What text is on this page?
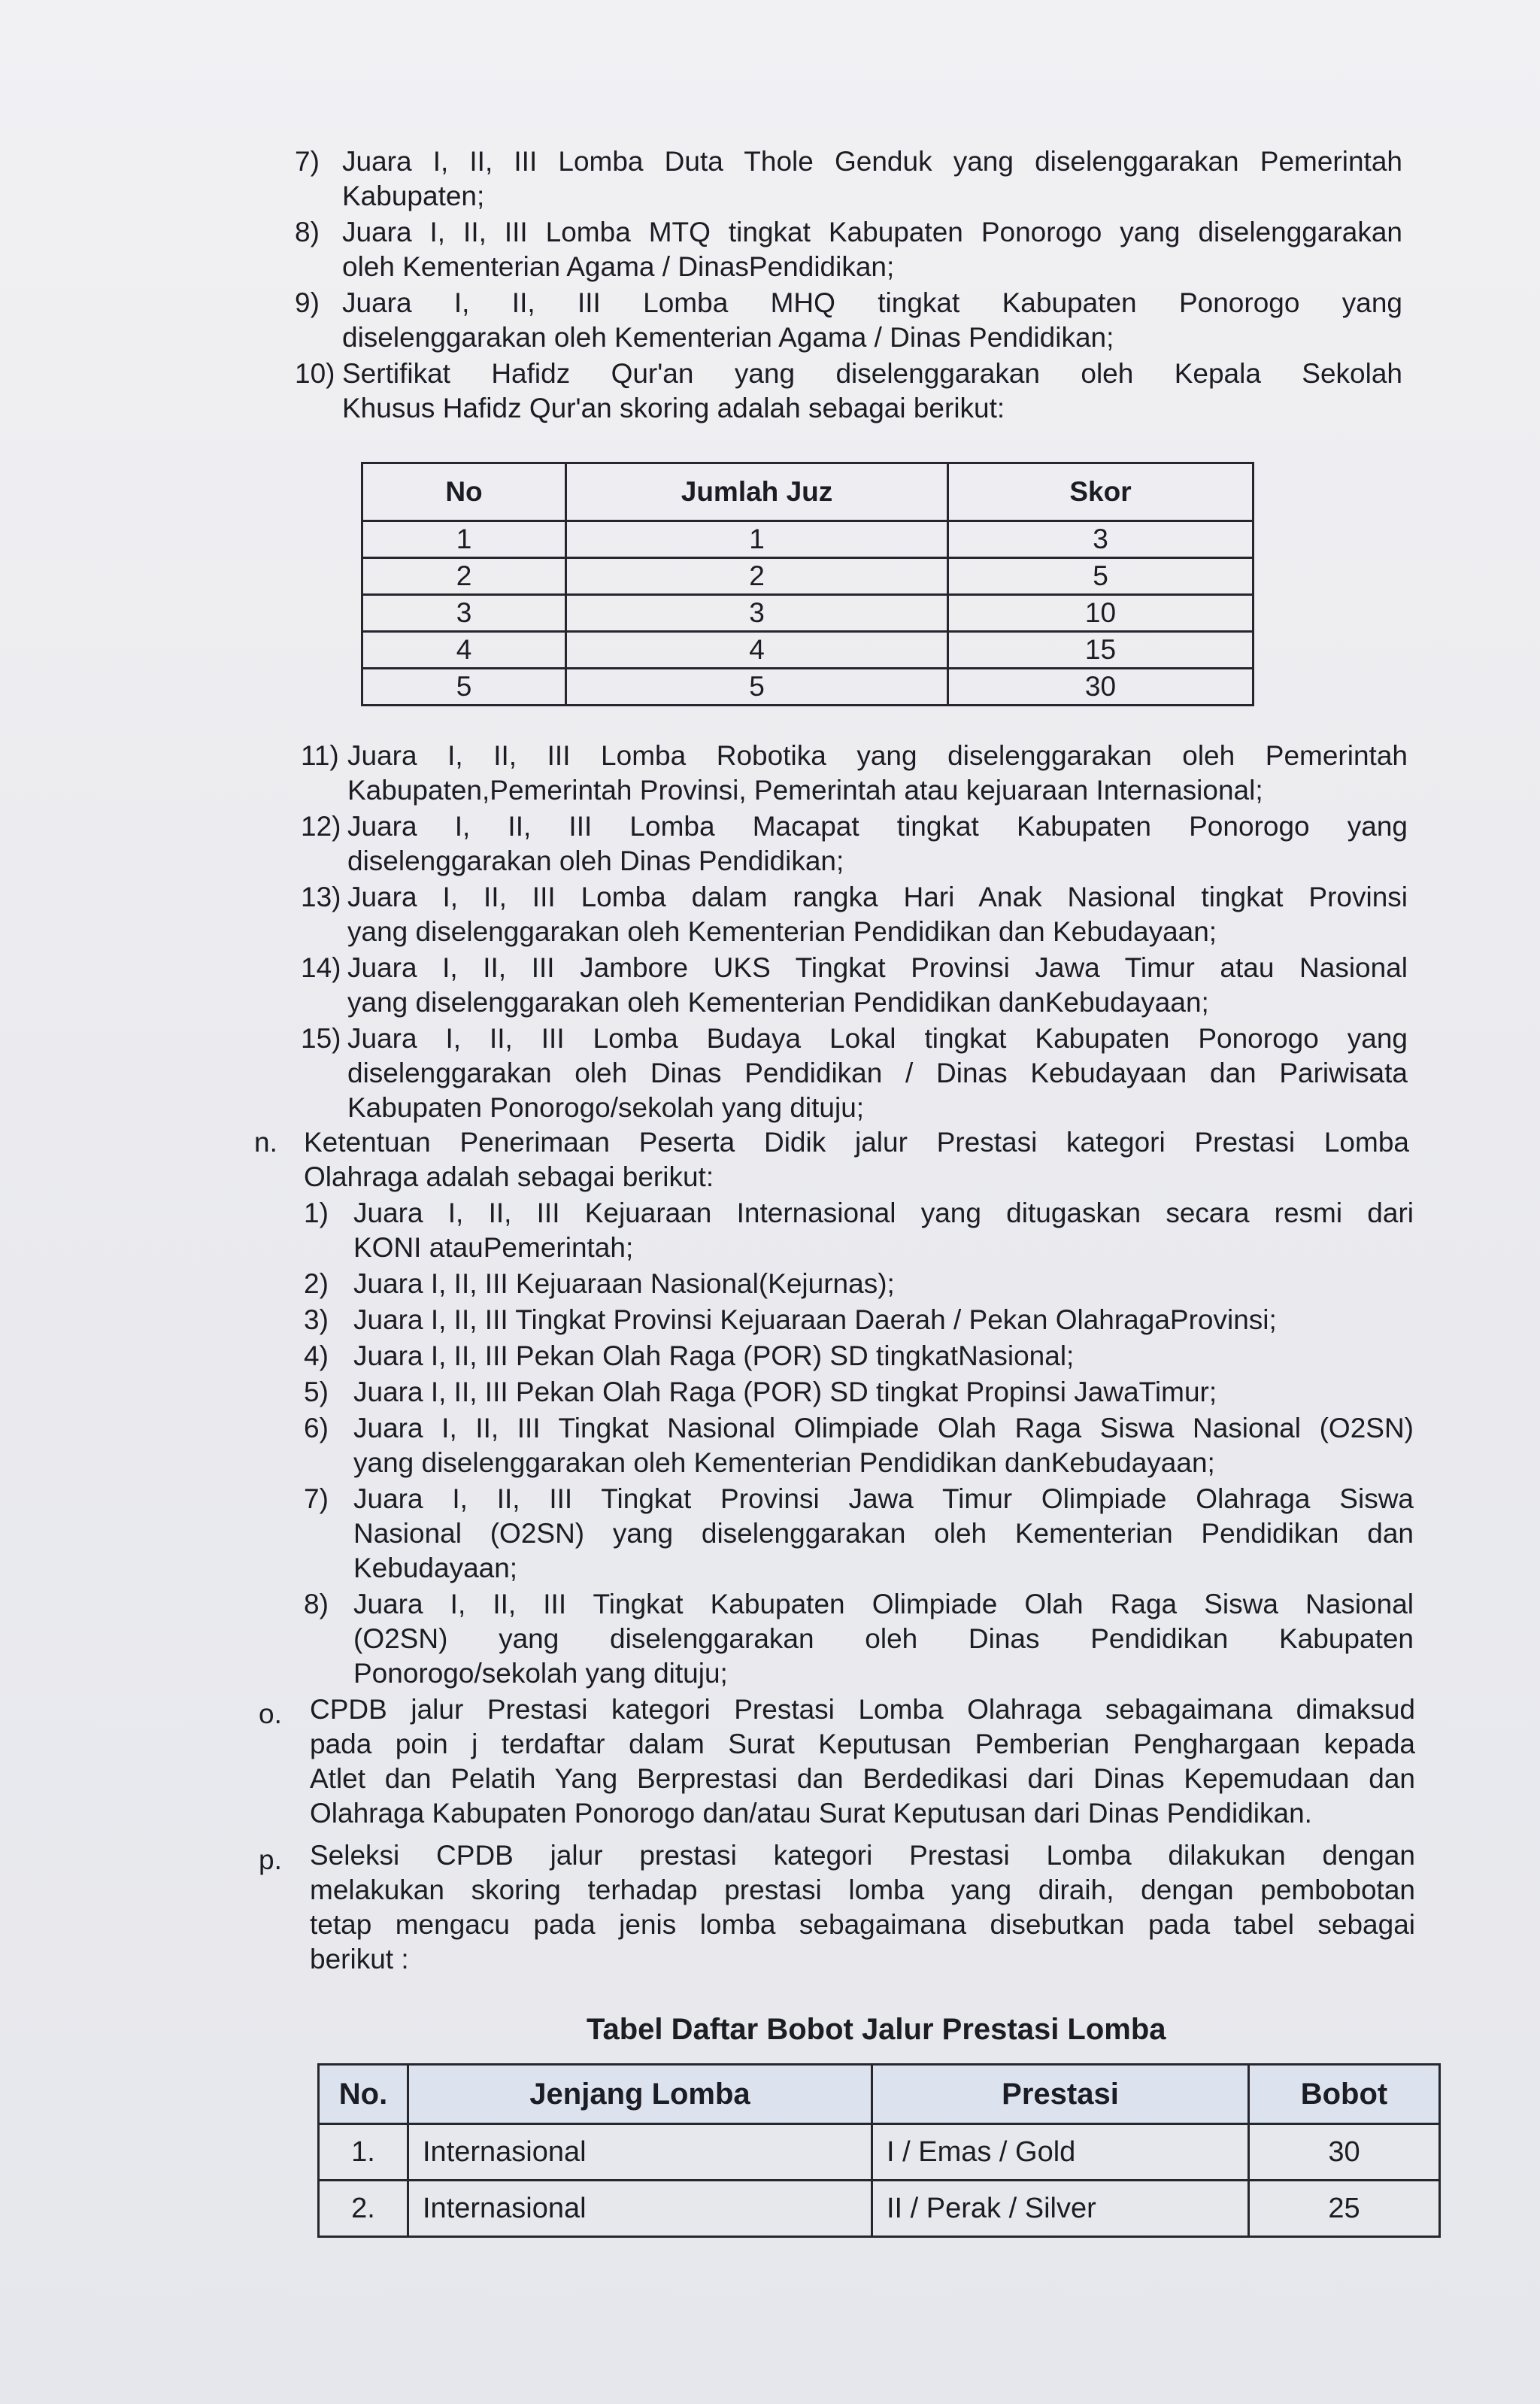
7) Juara I, II, III Lomba Duta Thole Genduk yang diselenggarakan Pemerintah
Kabupaten;
8) Juara I, II, III Lomba MTQ tingkat Kabupaten Ponorogo yang diselenggarakan
oleh Kementerian Agama / DinasPendidikan;
9) Juara I, II, III Lomba MHQ tingkat Kabupaten Ponorogo yang
diselenggarakan oleh Kementerian Agama / Dinas Pendidikan;
10) Sertifikat Hafidz Qur'an yang diselenggarakan oleh Kepala Sekolah
Khusus Hafidz Qur'an skoring adalah sebagai berikut:
No	Jumlah Juz	Skor
1	1	3
2	2	5
3	3	10
4	4	15
5	5	30
11) Juara I, II, III Lomba Robotika yang diselenggarakan oleh Pemerintah
Kabupaten,Pemerintah Provinsi, Pemerintah atau kejuaraan Internasional;
12) Juara I, II, III Lomba Macapat tingkat Kabupaten Ponorogo yang
diselenggarakan oleh Dinas Pendidikan;
13) Juara I, II, III Lomba dalam rangka Hari Anak Nasional tingkat Provinsi
yang diselenggarakan oleh Kementerian Pendidikan dan Kebudayaan;
14) Juara I, II, III Jambore UKS Tingkat Provinsi Jawa Timur atau Nasional
yang diselenggarakan oleh Kementerian Pendidikan danKebudayaan;
15) Juara I, II, III Lomba Budaya Lokal tingkat Kabupaten Ponorogo yang
diselenggarakan oleh Dinas Pendidikan / Dinas Kebudayaan dan Pariwisata
Kabupaten Ponorogo/sekolah yang dituju;
n. Ketentuan Penerimaan Peserta Didik jalur Prestasi kategori Prestasi Lomba
Olahraga adalah sebagai berikut:
1) Juara I, II, III Kejuaraan Internasional yang ditugaskan secara resmi dari
KONI atauPemerintah;
2) Juara I, II, III Kejuaraan Nasional(Kejurnas);
3) Juara I, II, III Tingkat Provinsi Kejuaraan Daerah / Pekan OlahragaProvinsi;
4) Juara I, II, III Pekan Olah Raga (POR) SD tingkatNasional;
5) Juara I, II, III Pekan Olah Raga (POR) SD tingkat Propinsi JawaTimur;
6) Juara I, II, III Tingkat Nasional Olimpiade Olah Raga Siswa Nasional (O2SN)
yang diselenggarakan oleh Kementerian Pendidikan danKebudayaan;
7) Juara I, II, III Tingkat Provinsi Jawa Timur Olimpiade Olahraga Siswa
Nasional (O2SN) yang diselenggarakan oleh Kementerian Pendidikan dan
Kebudayaan;
8) Juara I, II, III Tingkat Kabupaten Olimpiade Olah Raga Siswa Nasional
(O2SN) yang diselenggarakan oleh Dinas Pendidikan Kabupaten
Ponorogo/sekolah yang dituju;
o. CPDB jalur Prestasi kategori Prestasi Lomba Olahraga sebagaimana dimaksud
pada poin j terdaftar dalam Surat Keputusan Pemberian Penghargaan kepada
Atlet dan Pelatih Yang Berprestasi dan Berdedikasi dari Dinas Kepemudaan dan
Olahraga Kabupaten Ponorogo dan/atau Surat Keputusan dari Dinas Pendidikan.
p. Seleksi CPDB jalur prestasi kategori Prestasi Lomba dilakukan dengan
melakukan skoring terhadap prestasi lomba yang diraih, dengan pembobotan
tetap mengacu pada jenis lomba sebagaimana disebutkan pada tabel sebagai
berikut :
Tabel Daftar Bobot Jalur Prestasi Lomba
No.	Jenjang Lomba	Prestasi	Bobot
1.	Internasional	I / Emas / Gold	30
2.	Internasional	II / Perak / Silver	25
